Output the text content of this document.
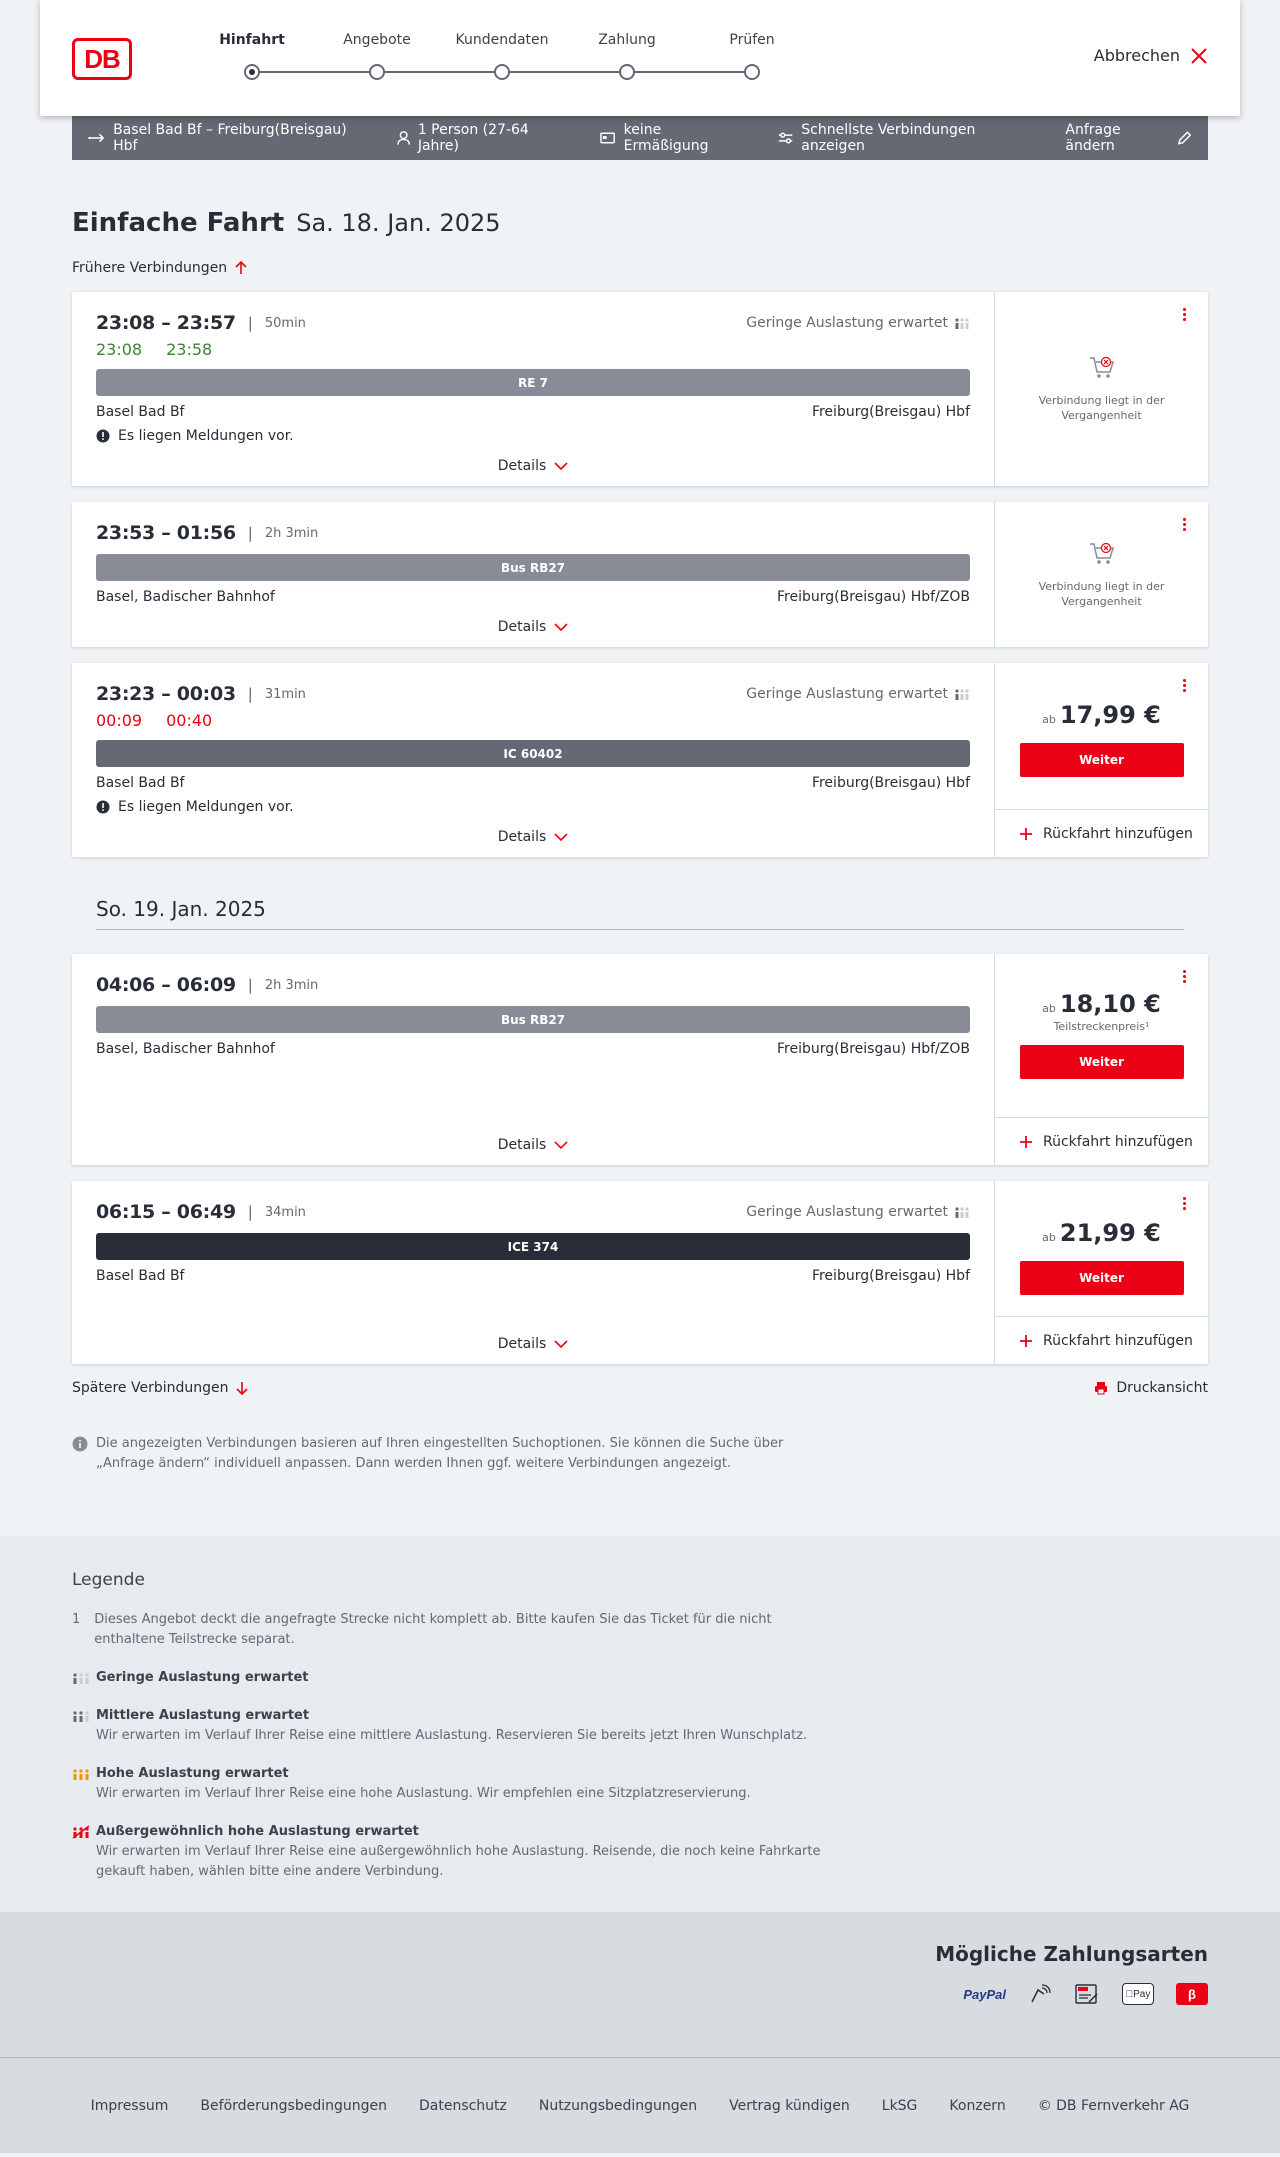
DB
Hinfahrt	Angebote	Kundendaten	Zahlung	Prüfen
Abbrechen
Basel Bad Bf – Freiburg(Breisgau) Hbf
1 Person (27-64 Jahre)
keine Ermäßigung
Schnellste Verbindungen anzeigen
Anfrage ändern
Einfache Fahrt Sa. 18. Jan. 2025
Frühere Verbindungen
23:08 – 23:57 | 50min	Geringe Auslastung erwartet
23:08 23:58
RE 7
Basel Bad Bf	Freiburg(Breisgau) Hbf
Es liegen Meldungen vor.
Details
Verbindung liegt in der Vergangenheit
23:53 – 01:56 | 2h 3min
Bus RB27
Basel, Badischer Bahnhof	Freiburg(Breisgau) Hbf/ZOB
Details
Verbindung liegt in der Vergangenheit
23:23 – 00:03 | 31min	Geringe Auslastung erwartet
00:09 00:40
IC 60402
Basel Bad Bf	Freiburg(Breisgau) Hbf
Es liegen Meldungen vor.
Details
ab 17,99 €
Weiter
Rückfahrt hinzufügen
So. 19. Jan. 2025
04:06 – 06:09 | 2h 3min
Bus RB27
Basel, Badischer Bahnhof	Freiburg(Breisgau) Hbf/ZOB
Details
ab 18,10 €
Teilstreckenpreis¹
Weiter
Rückfahrt hinzufügen
06:15 – 06:49 | 34min	Geringe Auslastung erwartet
ICE 374
Basel Bad Bf	Freiburg(Breisgau) Hbf
Details
ab 21,99 €
Weiter
Rückfahrt hinzufügen
Spätere Verbindungen	Druckansicht
Die angezeigten Verbindungen basieren auf Ihren eingestellten Suchoptionen. Sie können die Suche über „Anfrage ändern“ individuell anpassen. Dann werden Ihnen ggf. weitere Verbindungen angezeigt.
Legende
1 Dieses Angebot deckt die angefragte Strecke nicht komplett ab. Bitte kaufen Sie das Ticket für die nicht enthaltene Teilstrecke separat.
Geringe Auslastung erwartet
Mittlere Auslastung erwartet
Wir erwarten im Verlauf Ihrer Reise eine mittlere Auslastung. Reservieren Sie bereits jetzt Ihren Wunschplatz.
Hohe Auslastung erwartet
Wir erwarten im Verlauf Ihrer Reise eine hohe Auslastung. Wir empfehlen eine Sitzplatzreservierung.
Außergewöhnlich hohe Auslastung erwartet
Wir erwarten im Verlauf Ihrer Reise eine außergewöhnlich hohe Auslastung. Reisende, die noch keine Fahrkarte gekauft haben, wählen bitte eine andere Verbindung.
Mögliche Zahlungsarten
PayPal	Pay	β
Impressum Beförderungsbedingungen Datenschutz Nutzungsbedingungen Vertrag kündigen LkSG Konzern © DB Fernverkehr AG
